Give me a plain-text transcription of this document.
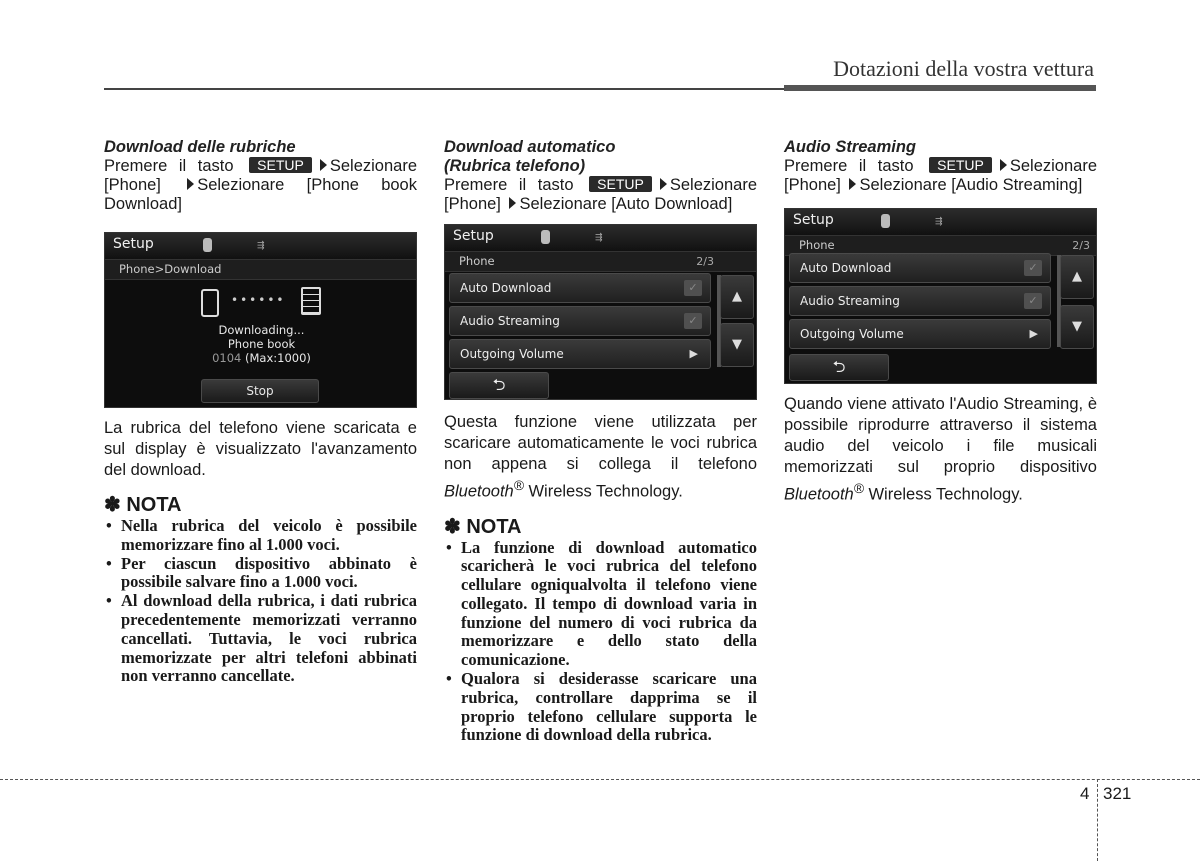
Dotazioni della vostra vettura
Download delle rubriche
Premere il tasto SETUP Selezionare [Phone] Selezionare [Phone book Download]
Setup	⇶
Phone>Download
••••••
Downloading...
Phone book
0104 (Max:1000)
Stop
La rubrica del telefono viene scaricata e sul display è visualizzato l'avanzamento del download.
✽ NOTA
• Nella rubrica del veicolo è possibile memorizzare fino al 1.000 voci.
• Per ciascun dispositivo abbinato è possibile salvare fino a 1.000 voci.
• Al download della rubrica, i dati rubrica precedentemente memorizzati verranno cancellati. Tuttavia, le voci rubrica memorizzate per altri telefoni abbinati non verranno cancellate.
Download automatico
(Rubrica telefono)
Premere il tasto SETUP Selezionare [Phone] Selezionare [Auto Download]
Setup	⇶
Phone	2/3
Auto Download	✓
Audio Streaming	✓
Outgoing Volume	▶
▲
▼
⮌
Questa funzione viene utilizzata per scaricare automaticamente le voci rubrica non appena si collega il telefono Bluetooth® Wireless Technology.
✽ NOTA
• La funzione di download automatico scaricherà le voci rubrica del telefono cellulare ogniqualvolta il telefono viene collegato. Il tempo di download varia in funzione del numero di voci rubrica da memorizzare e dello stato della comunicazione.
• Qualora si desiderasse scaricare una rubrica, controllare dapprima se il proprio telefono cellulare supporta le funzione di download della rubrica.
Audio Streaming
Premere il tasto SETUP Selezionare [Phone] Selezionare [Audio Streaming]
Setup	⇶
Phone	2/3
Auto Download	✓
Audio Streaming	✓
Outgoing Volume	▶
▲
▼
⮌
Quando viene attivato l'Audio Streaming, è possibile riprodurre attraverso il sistema audio del veicolo i file musicali memorizzati sul proprio dispositivo Bluetooth® Wireless Technology.
4 321
